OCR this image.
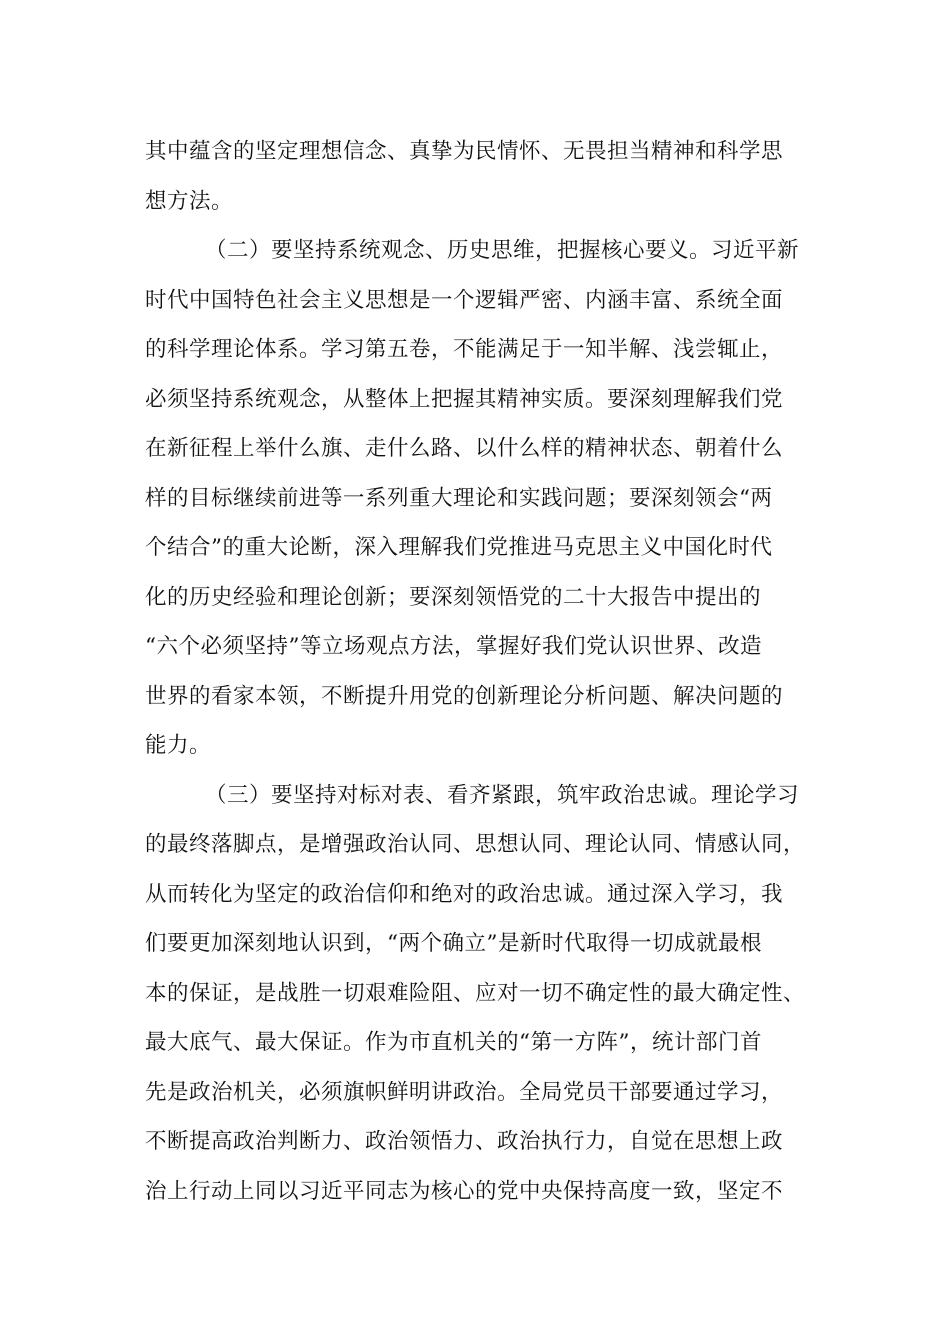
其中蕴含的坚定理想信念、真挚为民情怀、无畏担当精神和科学思
想方法。
（二）要坚持系统观念、历史思维，把握核心要义。习近平新
时代中国特色社会主义思想是一个逻辑严密、内涵丰富、系统全面
的科学理论体系。学习第五卷，不能满足于一知半解、浅尝辄止，
必须坚持系统观念，从整体上把握其精神实质。要深刻理解我们党
在新征程上举什么旗、走什么路、以什么样的精神状态、朝着什么
样的目标继续前进等一系列重大理论和实践问题；要深刻领会“两
个结合”的重大论断，深入理解我们党推进马克思主义中国化时代
化的历史经验和理论创新；要深刻领悟党的二十大报告中提出的
“六个必须坚持”等立场观点方法，掌握好我们党认识世界、改造
世界的看家本领，不断提升用党的创新理论分析问题、解决问题的
能力。
（三）要坚持对标对表、看齐紧跟，筑牢政治忠诚。理论学习
的最终落脚点，是增强政治认同、思想认同、理论认同、情感认同，
从而转化为坚定的政治信仰和绝对的政治忠诚。通过深入学习，我
们要更加深刻地认识到，“两个确立”是新时代取得一切成就最根
本的保证，是战胜一切艰难险阻、应对一切不确定性的最大确定性、
最大底气、最大保证。作为市直机关的“第一方阵”，统计部门首
先是政治机关，必须旗帜鲜明讲政治。全局党员干部要通过学习，
不断提高政治判断力、政治领悟力、政治执行力，自觉在思想上政
治上行动上同以习近平同志为核心的党中央保持高度一致，坚定不
